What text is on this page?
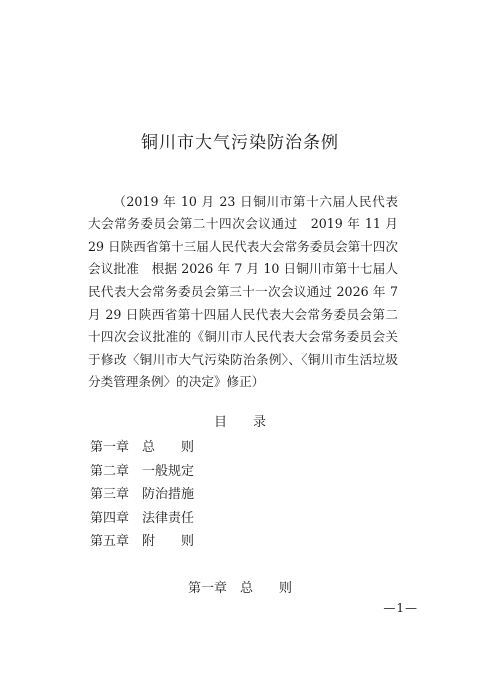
铜川市大气污染防治条例

（2019 年 10 月 23 日铜川市第十六届人民代表大会常务委员会第二十四次会议通过　2019 年 11 月 29 日陕西省第十三届人民代表大会常务委员会第十四次会议批准　根据 2026 年 7 月 10 日铜川市第十七届人民代表大会常务委员会第三十一次会议通过 2026 年 7 月 29 日陕西省第十四届人民代表大会常务委员会第二十四次会议批准的《铜川市人民代表大会常务委员会关于修改〈铜川市大气污染防治条例〉、〈铜川市生活垃圾分类管理条例〉的决定》修正）

目　　录
第一章 总　　则
第二章 一般规定
第三章 防治措施
第四章 法律责任
第五章 附　　则
第一章　总　　则
—1—
